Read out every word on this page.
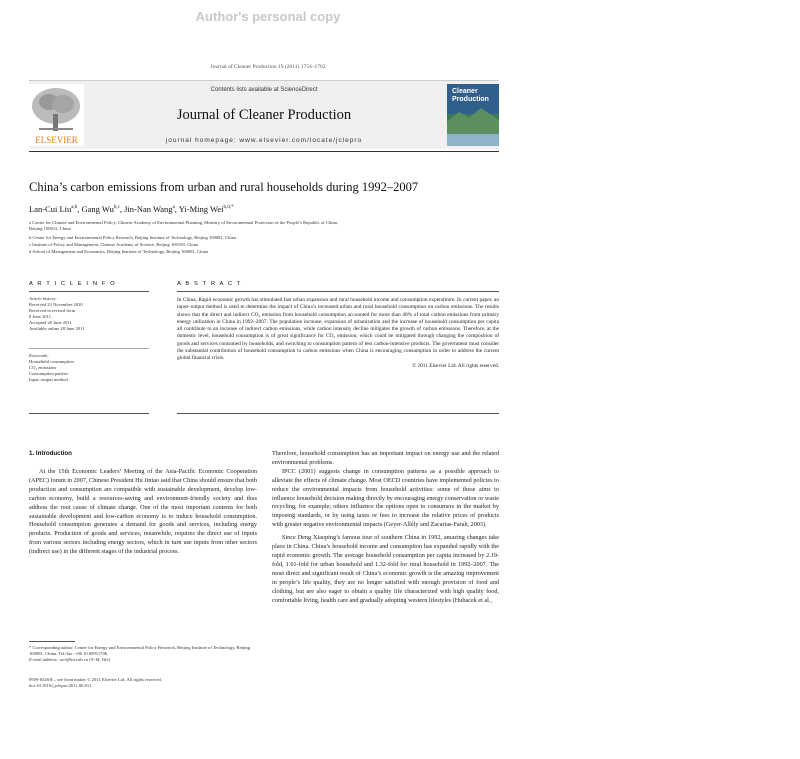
Author's personal copy
Journal of Cleaner Production 19 (2011) 1754–1762
Contents lists available at ScienceDirect
Journal of Cleaner Production
journal homepage: www.elsevier.com/locate/jclepro
ELSEVIER
Cleaner Production
China’s carbon emissions from urban and rural households during 1992–2007
Lan-Cui Liu$^{a,b}$, Gang Wu$^{b,c}$, Jin-Nan Wang$^a$, Yi-Ming Wei$^{b,d,*}$
a Center for Climate and Environmental Policy, Chinese Academy of Environmental Planning, Ministry of Environmental Protection of the People’s Republic of China,
Beijing 100012, China
b Center for Energy and Environmental Policy Research, Beijing Institute of Technology, Beijing 100081, China
c Institute of Policy and Management, Chinese Academy of Science, Beijing 100190, China
d School of Management and Economics, Beijing Institute of Technology, Beijing 100081, China
A R T I C L E I N F O
Article history:
Received 23 November 2010
Received in revised form
8 June 2011
Accepted 20 June 2011
Available online 28 June 2011
Keywords:
Household consumption
CO₂ emissions
Consumption pattern
Input–output method
A B S T R A C T
In China, Rapid economic growth has stimulated fast urban expansion and rural household income and consumption expenditure. In current paper, an input–output method is used to determine the impact of China’s increased urban and rural household consumption on carbon emissions. The results shows that the direct and indirect CO₂ emission from household consumption accounted for more than 40% of total carbon emissions from primary energy utilization in China in 1992–2007. The population increase, expansion of urbanization and the increase of household consumption per capita all contribute to an increase of indirect carbon emissions, while carbon intensity decline mitigates the growth of carbon emissions. Therefore, at the domestic level, household consumption is of great significance for CO₂ emission, which could be mitigated through changing the composition of goods and services consumed by households, and switching to consumption pattern of less carbon-intensive products. The government must consider the substantial contribution of household consumption to carbon emissions when China is encouraging consumption in order to address the current global financial crisis.
© 2011 Elsevier Ltd. All rights reserved.
1. Introduction

At the 15th Economic Leaders’ Meeting of the Asia-Pacific Economic Cooperation (APEC) forum in 2007, Chinese President Hu Jintao said that China should ensure that both production and consumption are compatible with sustainable development, develop low-carbon economy, build a resources-saving and environment-friendly society and thus address the root cause of climate change. One of the most important contents for both sustainable development and low-carbon economy is to induce household consumption. Household consumption generates a demand for goods and services, including energy products. Production of goods and services, meanwhile, requires the direct use of inputs from various sectors including energy sectors, which in turn use inputs from other sectors (indirect use) in the different stages of the industrial process.

Therefore, household consumption has an important impact on energy use and the related environmental problems.

IPCC (2001) suggests change in consumption patterns as a possible approach to alleviate the effects of climate change. Most OECD countries have implemented policies to reduce the environmental impacts from household activities: some of these aims to influence household decision making directly by encouraging energy conservation or waste recycling, for example; others influence the options open to consumers in the market by imposing standards, or by using taxes or fees to increase the relative prices of products with greater negative environmental impacts (Geyer-Allély and Zacarias-Farah, 2003).

Since Deng Xiaoping’s famous tour of southern China in 1992, amazing changes take place in China. China’s household income and consumption has expanded rapidly with the rapid economic growth. The average household consumption per capita increased by 2.19-fold, 1.61-fold for urban household and 1.32-fold for rural household in 1992–2007. The most direct and significant result of China’s economic growth is the amazing improvement in people’s life quality, they are no longer satisfied with enough provision of food and clothing, but are also eager to obtain a quality life characterized with high quality food, comfortable living, health care and gradually adopting western lifestyles (Hubacek et al.,

* Corresponding author. Center for Energy and Environmental Policy Research, Beijing Institute of Technology, Beijing 100081, China. Tel./fax: +86 10 68911706.
E-mail address: wei@bit.edu.cn (Y.-M. Wei).
0959-6526/$ – see front matter © 2011 Elsevier Ltd. All rights reserved.
doi:10.1016/j.jclepro.2011.06.011
